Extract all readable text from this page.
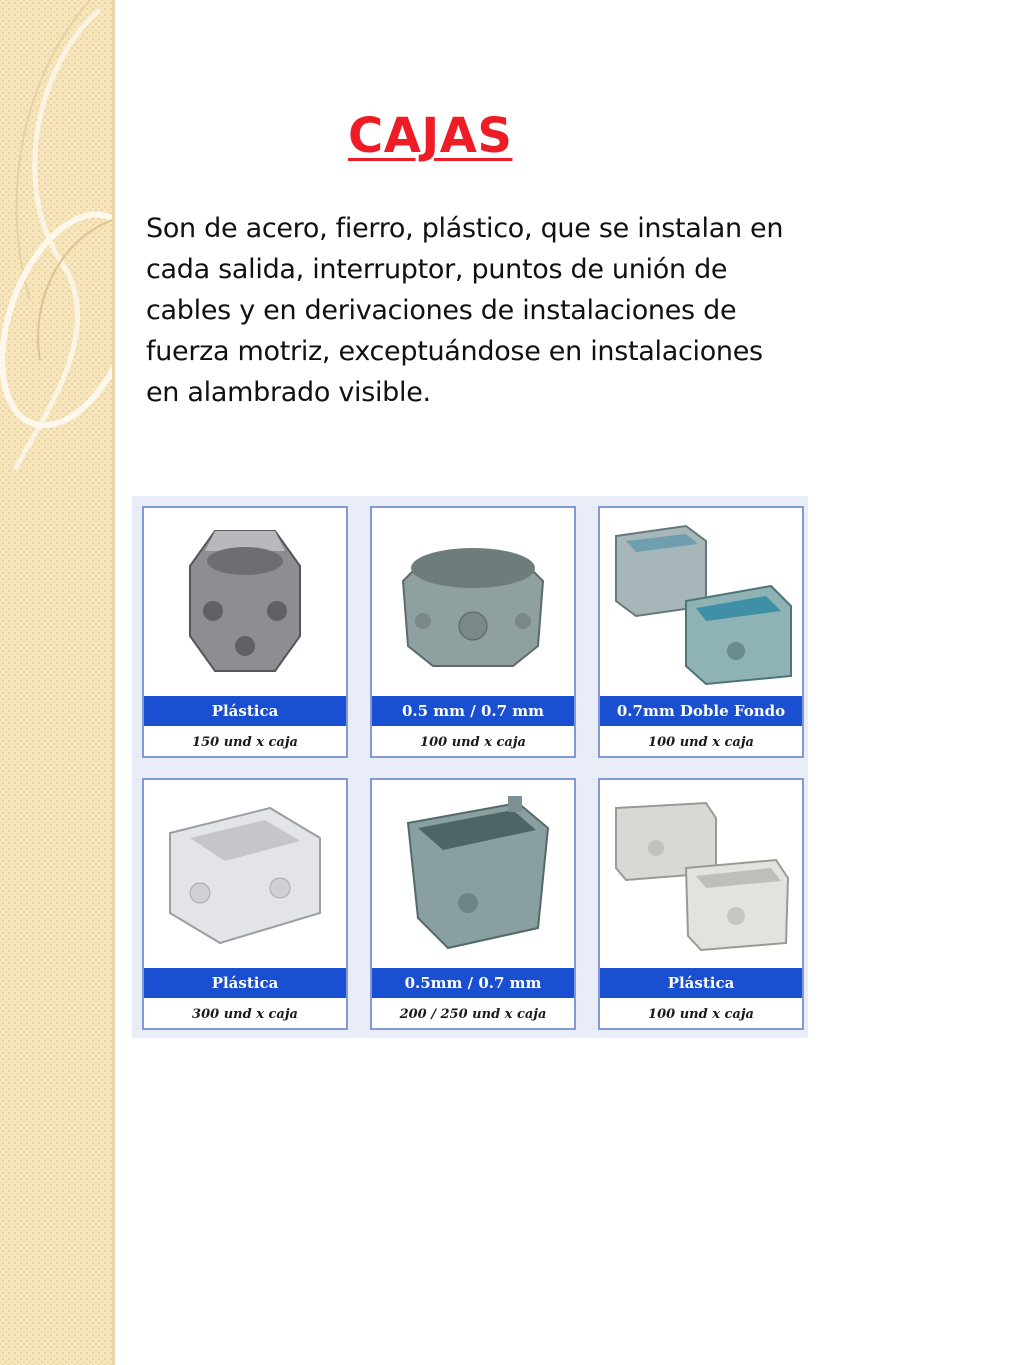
CAJAS

Son de acero, fierro, plástico, que se instalan en cada salida, interruptor, puntos de unión de cables y en derivaciones de instalaciones de fuerza motriz, exceptuándose en instalaciones en alambrado visible.

Plástica
150 und x caja
0.5 mm / 0.7 mm
100 und x caja
0.7mm Doble Fondo
100 und x caja
Plástica
300 und x caja
0.5mm / 0.7 mm
200 / 250 und x caja
Plástica
100 und x caja
